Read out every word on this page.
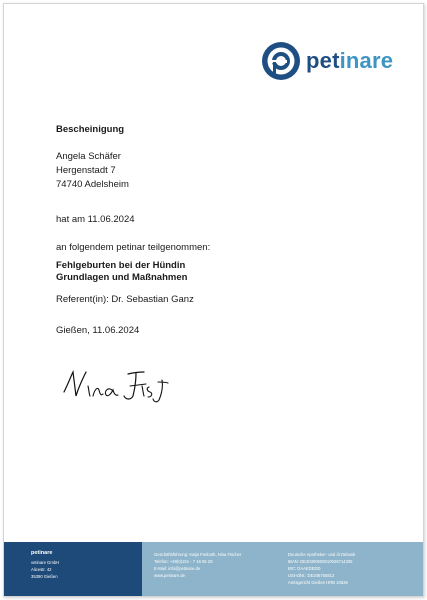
petinare
Bescheinigung
Angela Schäfer
Hergenstadt 7
74740 Adelsheim
hat am 11.06.2024
an folgendem petinar teilgenommen:
Fehlgeburten bei der Hündin
Grundlagen und Maßnahmen
Referent(in): Dr. Sebastian Ganz
Gießen, 11.06.2024
petinare
vetinare GmbH
Alicestr. 42
35390 Gießen
Geschäftsführung: Katja Freiboth, Nina Fischer
Telefon: +49(0)151 - 7 16 55 28
E-Mail: info@petinare.de
www.petinare.de
Deutsche Apotheker- und Ärztebank
IBAN: DE40300606010026714305
BIC: DAAEDEDD
USt-IdNr.: DE346755812
Amtsgericht Gießen HRB 10636
